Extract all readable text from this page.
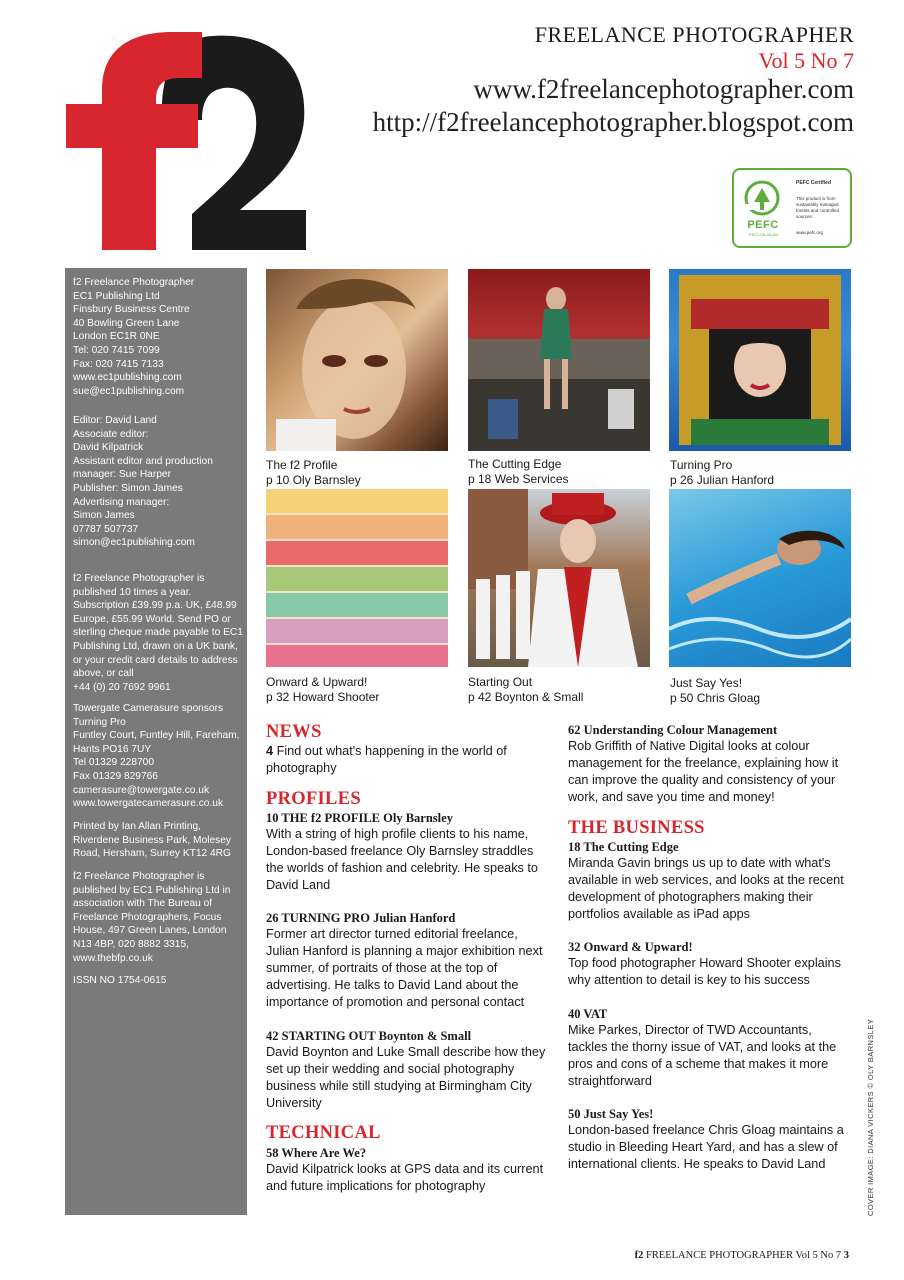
FREELANCE PHOTOGRAPHER
Vol 5 No 7
www.f2freelancephotographer.com
http://f2freelancephotographer.blogspot.com
PEFC
PEFC/16-33-691
PEFC Certified
This product is from sustainably managed forests and controlled sources
www.pefc.org
f2 Freelance Photographer
EC1 Publishing Ltd
Finsbury Business Centre
40 Bowling Green Lane
London EC1R 0NE
Tel: 020 7415 7099
Fax: 020 7415 7133
www.ec1publishing.com
sue@ec1publishing.com
Editor: David Land
Associate editor:
David Kilpatrick
Assistant editor and production manager: Sue Harper
Publisher: Simon James
Advertising manager:
Simon James
07787 507737
simon@ec1publishing.com
f2 Freelance Photographer is published 10 times a year. Subscription £39.99 p.a. UK, £48.99 Europe, £55.99 World. Send PO or sterling cheque made payable to EC1 Publishing Ltd, drawn on a UK bank, or your credit card details to address above, or call
+44 (0) 20 7692 9961
Towergate Camerasure sponsors Turning Pro
Funtley Court, Funtley Hill, Fareham, Hants PO16 7UY
Tel 01329 228700
Fax 01329 829766
camerasure@towergate.co.uk
www.towergatecamerasure.co.uk
Printed by Ian Allan Printing, Riverdene Business Park, Molesey Road, Hersham, Surrey KT12 4RG
f2 Freelance Photographer is published by EC1 Publishing Ltd in association with The Bureau of Freelance Photographers, Focus House, 497 Green Lanes, London N13 4BP, 020 8882 3315, www.thebfp.co.uk
ISSN NO 1754-0615
The f2 Profile
p 10 Oly Barnsley
The Cutting Edge
p 18 Web Services
Turning Pro
p 26 Julian Hanford
Onward & Upward!
p 32 Howard Shooter
Starting Out
p 42 Boynton & Small
Just Say Yes!
p 50 Chris Gloag
NEWS
4 Find out what's happening in the world of photography
PROFILES
10 THE f2 PROFILE Oly Barnsley
With a string of high profile clients to his name, London-based freelance Oly Barnsley straddles the worlds of fashion and celebrity. He speaks to David Land
26 TURNING PRO Julian Hanford
Former art director turned editorial freelance, Julian Hanford is planning a major exhibition next summer, of portraits of those at the top of advertising. He talks to David Land about the importance of promotion and personal contact
42 STARTING OUT Boynton & Small
David Boynton and Luke Small describe how they set up their wedding and social photography business while still studying at Birmingham City University
TECHNICAL
58 Where Are We?
David Kilpatrick looks at GPS data and its current and future implications for photography
62 Understanding Colour Management
Rob Griffith of Native Digital looks at colour management for the freelance, explaining how it can improve the quality and consistency of your work, and save you time and money!
THE BUSINESS
18 The Cutting Edge
Miranda Gavin brings us up to date with what's available in web services, and looks at the recent development of photographers making their portfolios available as iPad apps
32 Onward & Upward!
Top food photographer Howard Shooter explains why attention to detail is key to his success
40 VAT
Mike Parkes, Director of TWD Accountants, tackles the thorny issue of VAT, and looks at the pros and cons of a scheme that makes it more straightforward
50 Just Say Yes!
London-based freelance Chris Gloag maintains a studio in Bleeding Heart Yard, and has a slew of international clients. He speaks to David Land	COVER IMAGE: DIANA VICKERS © OLY BARNSLEY
f2 FREELANCE PHOTOGRAPHER Vol 5 No 7 3
